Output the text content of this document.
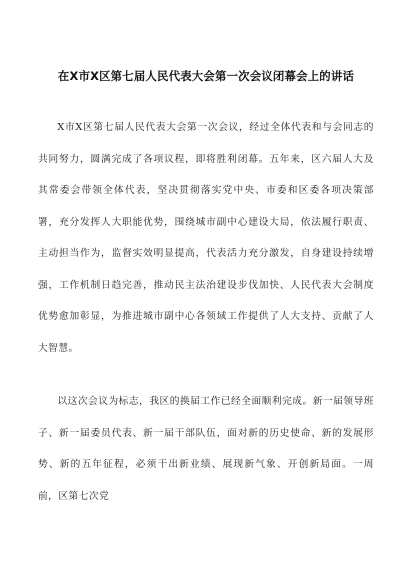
在X市X区第七届人民代表大会第一次会议闭幕会上的讲话

X市X区第七届人民代表大会第一次会议，经过全体代表和与会同志的共同努力，圆满完成了各项议程，即将胜利闭幕。五年来，区六届人大及其常委会带领全体代表，坚决贯彻落实党中央、市委和区委各项决策部署，充分发挥人大职能优势，围绕城市副中心建设大局，依法履行职责、主动担当作为，监督实效明显提高，代表活力充分激发，自身建设持续增强，工作机制日趋完善，推动民主法治建设步伐加快、人民代表大会制度优势愈加彰显，为推进城市副中心各领域工作提供了人大支持、贡献了人大智慧。

以这次会议为标志，我区的换届工作已经全面顺利完成。新一届领导班子、新一届委员代表、新一届干部队伍，面对新的历史使命、新的发展形势、新的五年征程，必须干出新业绩、展现新气象、开创新局面。一周前，区第七次党
